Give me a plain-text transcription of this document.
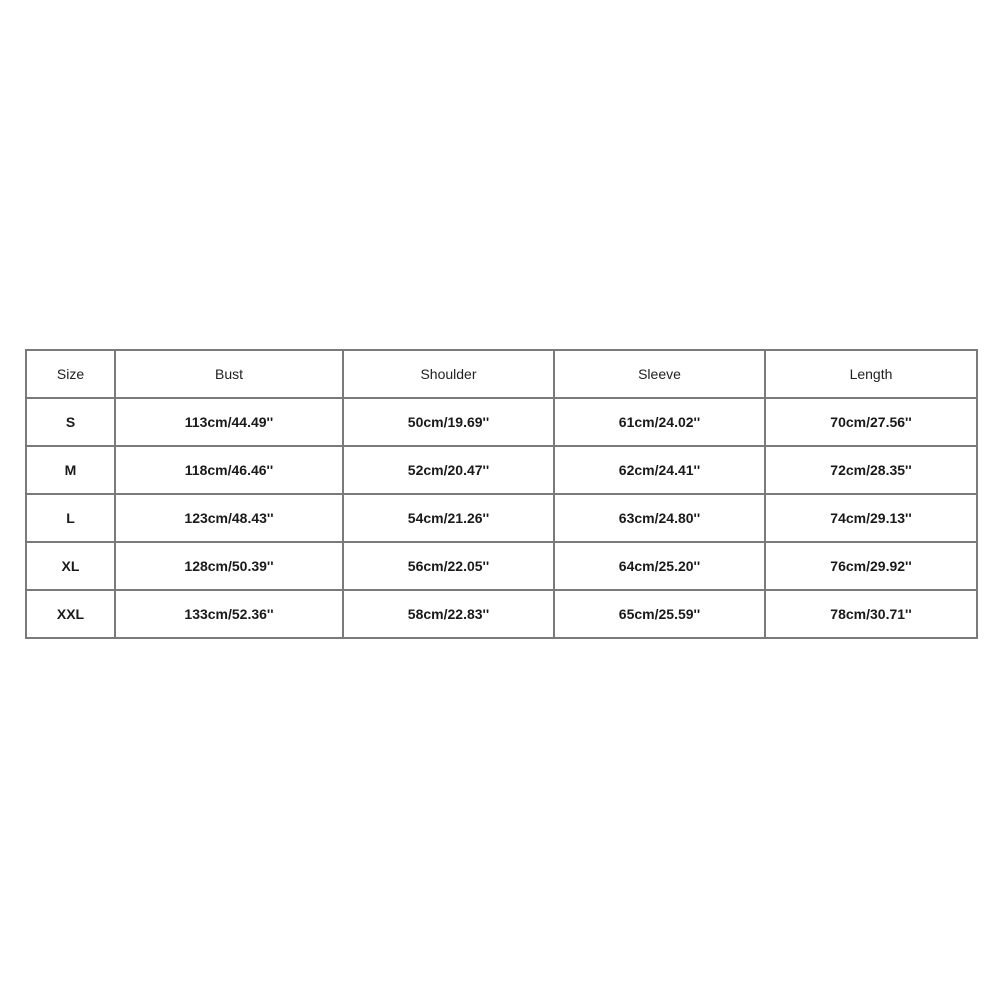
Size	Bust	Shoulder	Sleeve	Length
S	113cm/44.49''	50cm/19.69''	61cm/24.02''	70cm/27.56''
M	118cm/46.46''	52cm/20.47''	62cm/24.41''	72cm/28.35''
L	123cm/48.43''	54cm/21.26''	63cm/24.80''	74cm/29.13''
XL	128cm/50.39''	56cm/22.05''	64cm/25.20''	76cm/29.92''
XXL	133cm/52.36''	58cm/22.83''	65cm/25.59''	78cm/30.71''
